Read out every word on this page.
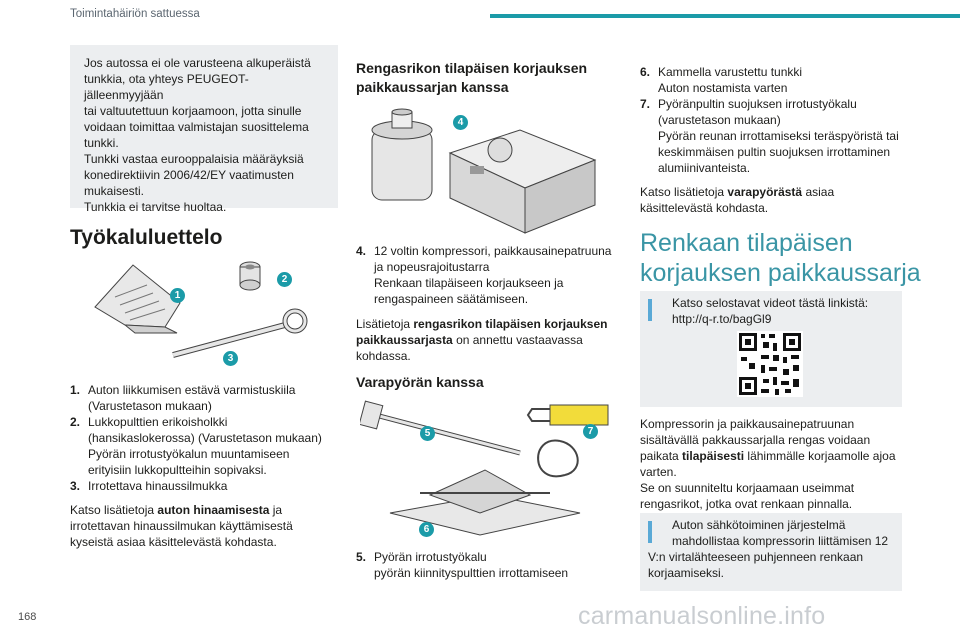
Toimintahäiriön sattuessa
Jos autossa ei ole varusteena alkuperäistä
tunkkia, ota yhteys PEUGEOT-jälleenmyyjään
tai valtuutettuun korjaamoon, jotta sinulle
voidaan toimittaa valmistajan suosittelema
tunkki.
Tunkki vastaa eurooppalaisia määräyksiä
konedirektiivin 2006/42/EY vaatimusten
mukaisesti.
Tunkkia ei tarvitse huoltaa.
Työkaluluettelo
1
2
3
1. Auton liikkumisen estävä varmistuskiila
(Varustetason mukaan)
2. Lukkopulttien erikoisholkki
(hansikaslokerossa) (Varustetason mukaan)
Pyörän irrotustyökalun muuntamiseen
erityisiin lukkopultteihin sopivaksi.
3. Irrotettava hinaussilmukka
Katso lisätietoja auton hinaamisesta ja
irrotettavan hinaussilmukan käyttämisestä
kyseistä asiaa käsittelevästä kohdasta.
Rengasrikon tilapäisen korjauksen
paikkaussarjan kanssa
4
4. 12 voltin kompressori, paikkausainepatruuna
ja nopeusrajoitustarra
Renkaan tilapäiseen korjaukseen ja
rengaspaineen säätämiseen.
Lisätietoja rengasrikon tilapäisen korjauksen
paikkaussarjasta on annettu vastaavassa
kohdassa.
Varapyörän kanssa
5
6
7
5. Pyörän irrotustyökalu
pyörän kiinnityspulttien irrottamiseen
6. Kammella varustettu tunkki
Auton nostamista varten
7. Pyöränpultin suojuksen irrotustyökalu
(varustetason mukaan)
Pyörän reunan irrottamiseksi teräspyöristä tai
keskimmäisen pultin suojuksen irrottaminen
alumiinivanteista.
Katso lisätietoja varapyörästä asiaa
käsittelevästä kohdasta.
Renkaan tilapäisen
korjauksen paikkaussarja
Katso selostavat videot tästä linkistä:
http://q-r.to/bagGl9
Kompressorin ja paikkausainepatruunan
sisältävällä pakkaussarjalla rengas voidaan
paikata tilapäisesti lähimmälle korjaamolle ajoa
varten.
Se on suunniteltu korjaamaan useimmat
rengasrikot, jotka ovat renkaan pinnalla.
Auton sähkötoiminen järjestelmä
mahdollistaa kompressorin liittämisen 12
V:n virtalähteeseen puhjenneen renkaan
korjaamiseksi.
168	carmanualsonline.info
